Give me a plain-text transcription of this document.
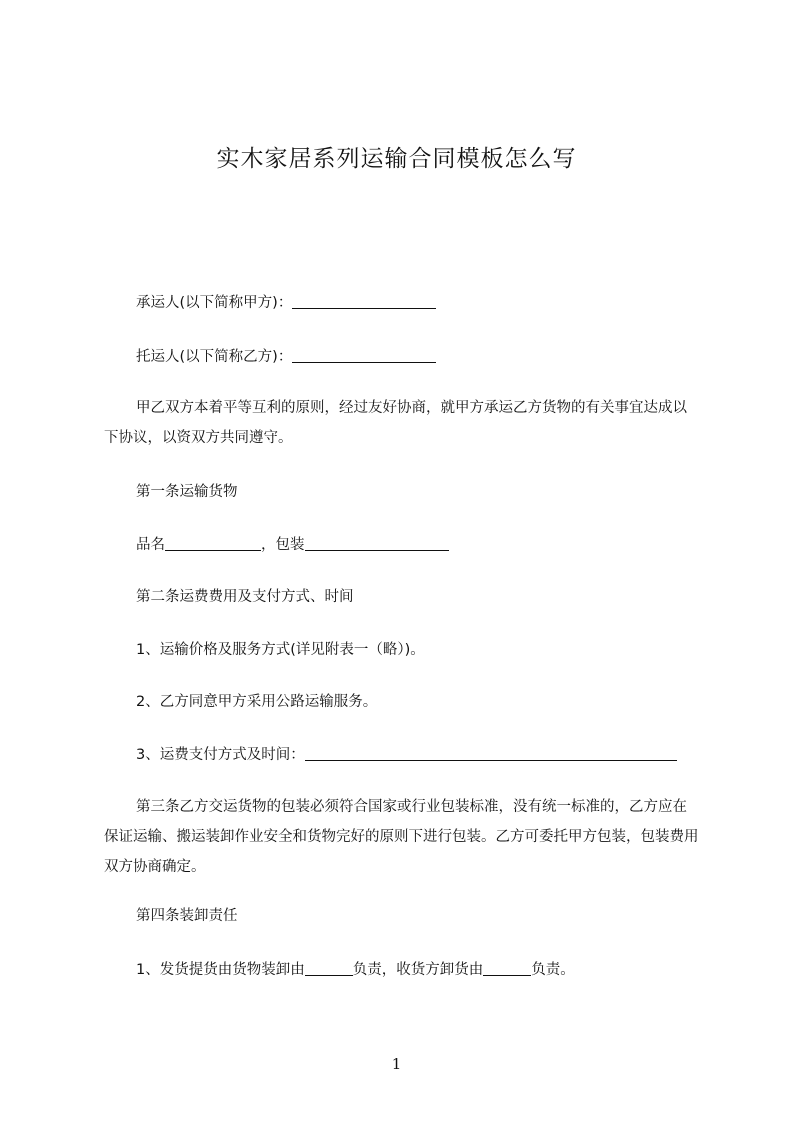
实木家居系列运输合同模板怎么写
承运人(以下简称甲方)：
托运人(以下简称乙方)：

甲乙双方本着平等互利的原则，经过友好协商，就甲方承运乙方货物的有关事宜达成以下协议，以资双方共同遵守。

第一条运输货物
品名	，包装
第二条运费费用及支付方式、时间
1、运输价格及服务方式(详见附表一（略）)。
2、乙方同意甲方采用公路运输服务。
3、运费支付方式及时间：

第三条乙方交运货物的包装必须符合国家或行业包装标准，没有统一标准的，乙方应在保证运输、搬运装卸作业安全和货物完好的原则下进行包装。乙方可委托甲方包装，包装费用双方协商确定。

第四条装卸责任
1、发货提货由货物装卸由	负责，收货方卸货由	负责。
1
